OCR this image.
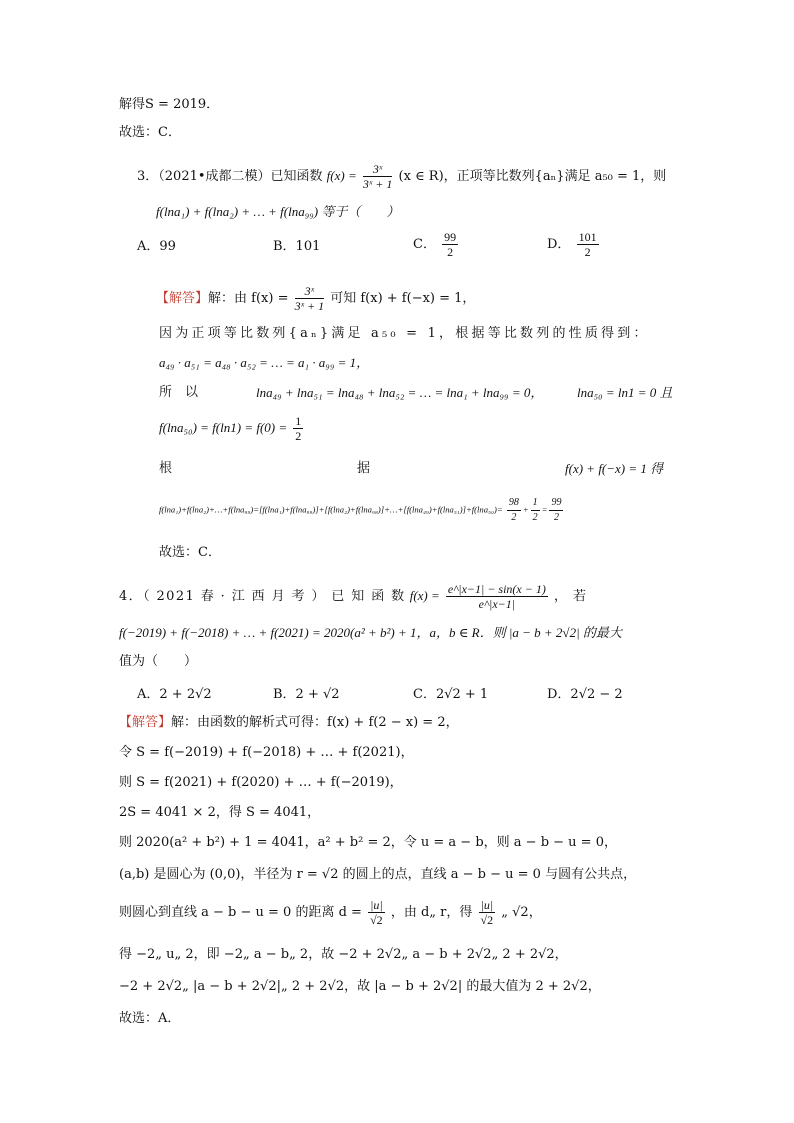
解得S = 2019．
故选：C．
3．（2021•成都二模）已知函数 $f(x) = \frac{\text{3ˣ}}{\text{3ˣ + 1}} (x$ ∈ R)，正项等比数列{aₙ}满足 a₅₀ = 1，则
f(lna₁) + f(lna₂) + … + f(lna₉₉) 等于（　　）
A．99	B．101	C． $\frac{99}{2}$	D． $\frac{101}{2}$
【解答】解：由 $f(x) = \frac{\text{3ˣ}}{\text{3ˣ + 1}}$ 可知 f(x) + f(−x) = 1，
因为正项等比数列{aₙ}满足 a₅₀ = 1，根据等比数列的性质得到：
a₄₉ · a₅₁ = a₄₈ · a₅₂ = … = a₁ · a₉₉ = 1，
所　以	lna₄₉ + lna₅₁ = lna₄₈ + lna₅₂ = … = lna₁ + lna₉₉ = 0，	lna₅₀ = ln1 = 0 且
$f(\ln a_{50}) = f(\ln 1) = f(0) = \frac{1}{2}$
根	据	f(x) + f(−x) = 1 得
f(lna₁)+f(lna₂)+…+f(lna₉₉)=[f(lna₁)+f(lna₉₉)]+[f(lna₂)+f(lna₉₈)]+…+[f(lna₄₉)+f(lna₅₁)]+f(lna₅₀)= $\frac{98}{2} + \frac{1}{2} = \frac{99}{2}$
故选：C．
4．（ 2021 春 · 江 西 月 考 ） 已 知 函 数 $f(x) = \frac{e\^{}|x-1| - \sin(x - 1)}{e\^{}|x-1|}$ ，若
f(−2019) + f(−2018) + … + f(2021) = 2020(a² + b²) + 1，a，b ∈ R．则 |a − b + 2√2| 的最大
值为（　　）
A．2 + 2√2	B．2 + √2	C．2√2 + 1	D．2√2 − 2
【解答】解：由函数的解析式可得：f(x) + f(2 − x) = 2，
令 S = f(−2019) + f(−2018) + … + f(2021)，
则 S = f(2021) + f(2020) + … + f(−2019)，
2S = 4041 × 2，得 S = 4041，
则 2020(a² + b²) + 1 = 4041，a² + b² = 2，令 u = a − b，则 a − b − u = 0，
(a,b) 是圆心为 (0,0)，半径为 r = √2 的圆上的点，直线 a − b − u = 0 与圆有公共点，
则圆心到直线 a − b − u = 0 的距离 $d = \frac{|u|}{√2}$ ，由 d„ r，得 $\frac{|u|}{√2}$ „ √2，
得 −2„ u„ 2，即 −2„ a − b„ 2，故 −2 + 2√2„ a − b + 2√2„ 2 + 2√2，
−2 + 2√2„ |a − b + 2√2|„ 2 + 2√2，故 |a − b + 2√2| 的最大值为 2 + 2√2，
故选：A．
